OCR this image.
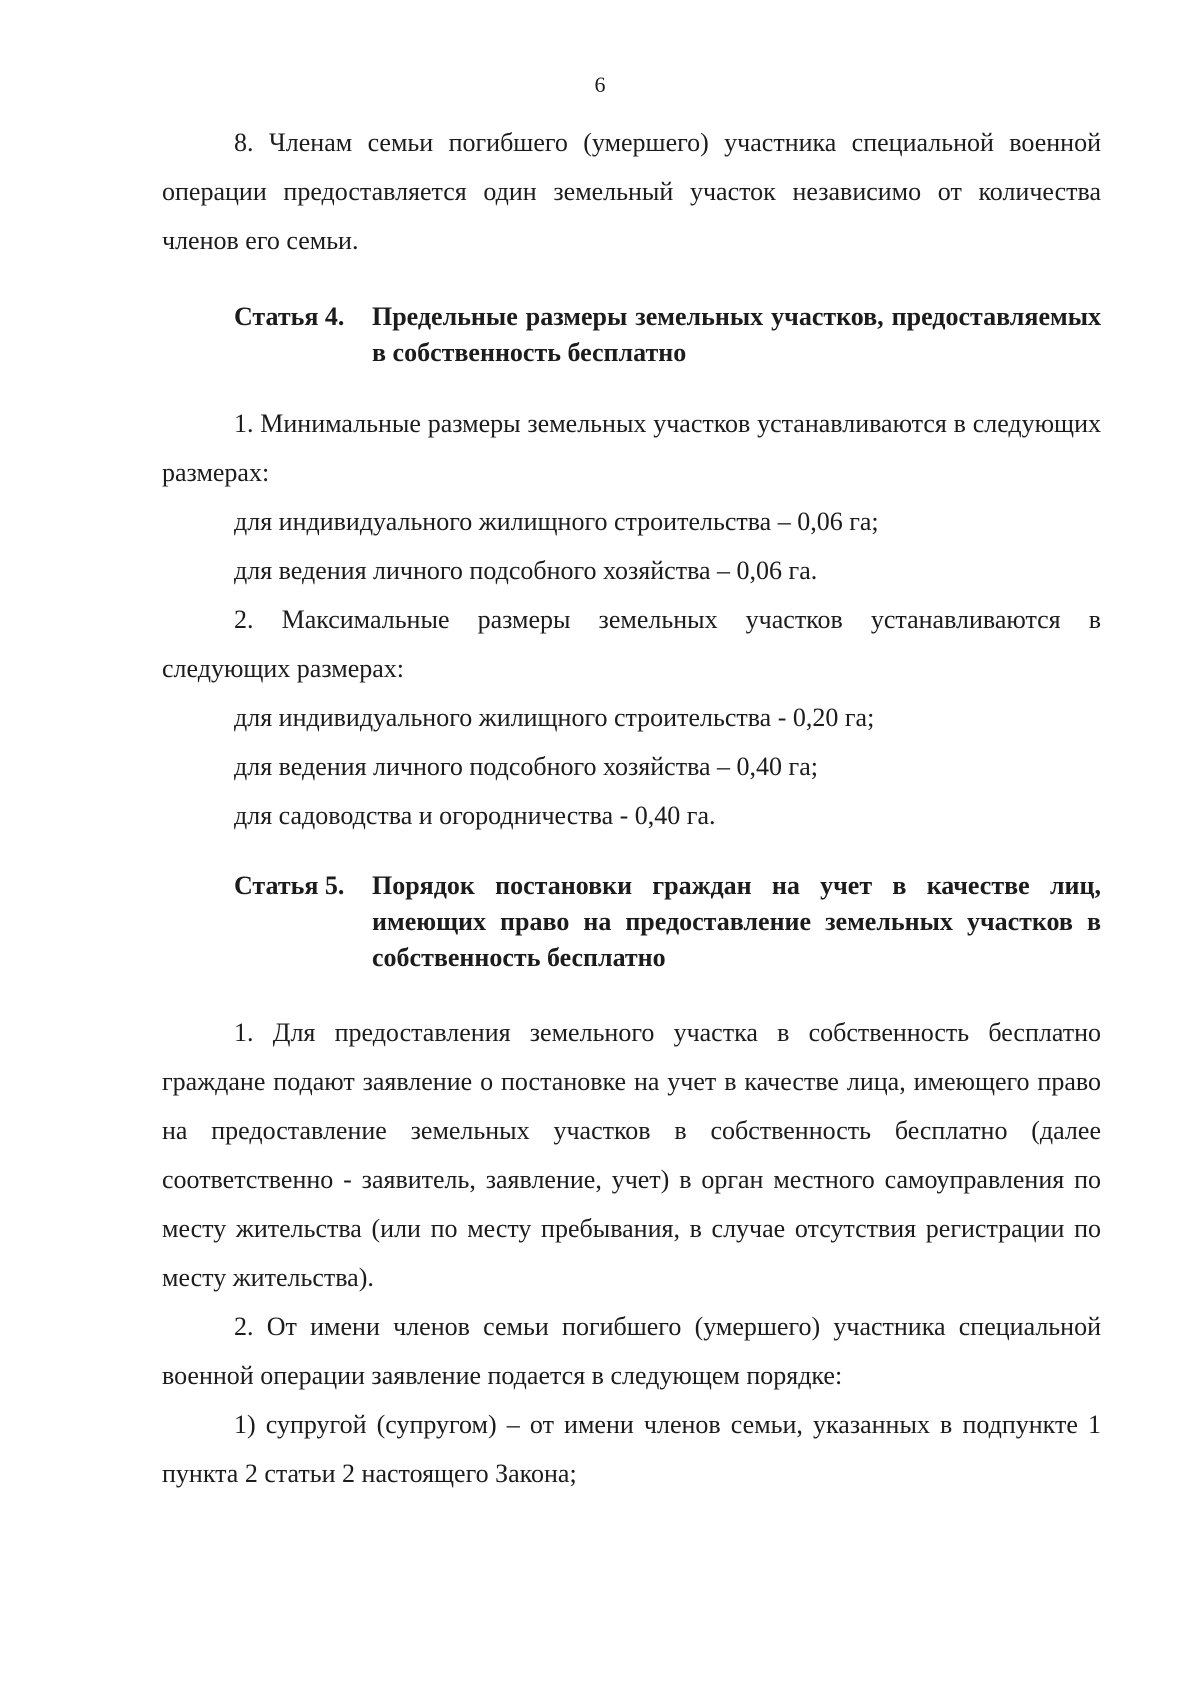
6

8. Членам семьи погибшего (умершего) участника специальной военной операции предоставляется один земельный участок независимо от количества членов его семьи.

Статья 4.	Предельные размеры земельных участков, предоставляемых в собственность бесплатно

1. Минимальные размеры земельных участков устанавливаются в следующих размерах:

для индивидуального жилищного строительства – 0,06 га;

для ведения личного подсобного хозяйства – 0,06 га.

2. Максимальные размеры земельных участков устанавливаются в следующих размерах:

для индивидуального жилищного строительства - 0,20 га;

для ведения личного подсобного хозяйства – 0,40 га;

для садоводства и огородничества - 0,40 га.

Статья 5.	Порядок постановки граждан на учет в качестве лиц, имеющих право на предоставление земельных участков в собственность бесплатно

1. Для предоставления земельного участка в собственность бесплатно граждане подают заявление о постановке на учет в качестве лица, имеющего право на предоставление земельных участков в собственность бесплатно (далее соответственно - заявитель, заявление, учет) в орган местного самоуправления по месту жительства (или по месту пребывания, в случае отсутствия регистрации по месту жительства).

2. От имени членов семьи погибшего (умершего) участника специальной военной операции заявление подается в следующем порядке:

1) супругой (супругом) – от имени членов семьи, указанных в подпункте 1 пункта 2 статьи 2 настоящего Закона;
